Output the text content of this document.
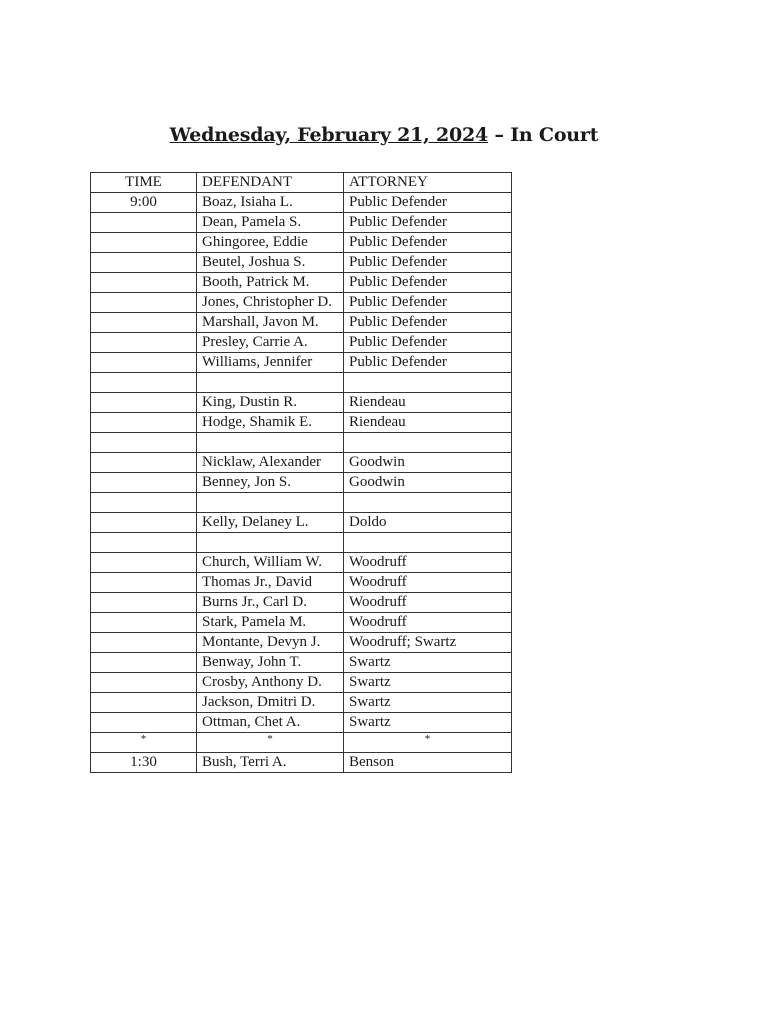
Wednesday, February 21, 2024 – In Court
TIME	DEFENDANT	ATTORNEY
9:00	Boaz, Isiaha L.	Public Defender
	Dean, Pamela S.	Public Defender
	Ghingoree, Eddie	Public Defender
	Beutel, Joshua S.	Public Defender
	Booth, Patrick M.	Public Defender
	Jones, Christopher D.	Public Defender
	Marshall, Javon M.	Public Defender
	Presley, Carrie A.	Public Defender
	Williams, Jennifer	Public Defender

	King, Dustin R.	Riendeau
	Hodge, Shamik E.	Riendeau

	Nicklaw, Alexander	Goodwin
	Benney, Jon S.	Goodwin

	Kelly, Delaney L.	Doldo

	Church, William W.	Woodruff
	Thomas Jr., David	Woodruff
	Burns Jr., Carl D.	Woodruff
	Stark, Pamela M.	Woodruff
	Montante, Devyn J.	Woodruff; Swartz
	Benway, John T.	Swartz
	Crosby, Anthony D.	Swartz
	Jackson, Dmitri D.	Swartz
	Ottman, Chet A.	Swartz
*	*	*
1:30	Bush, Terri A.	Benson
